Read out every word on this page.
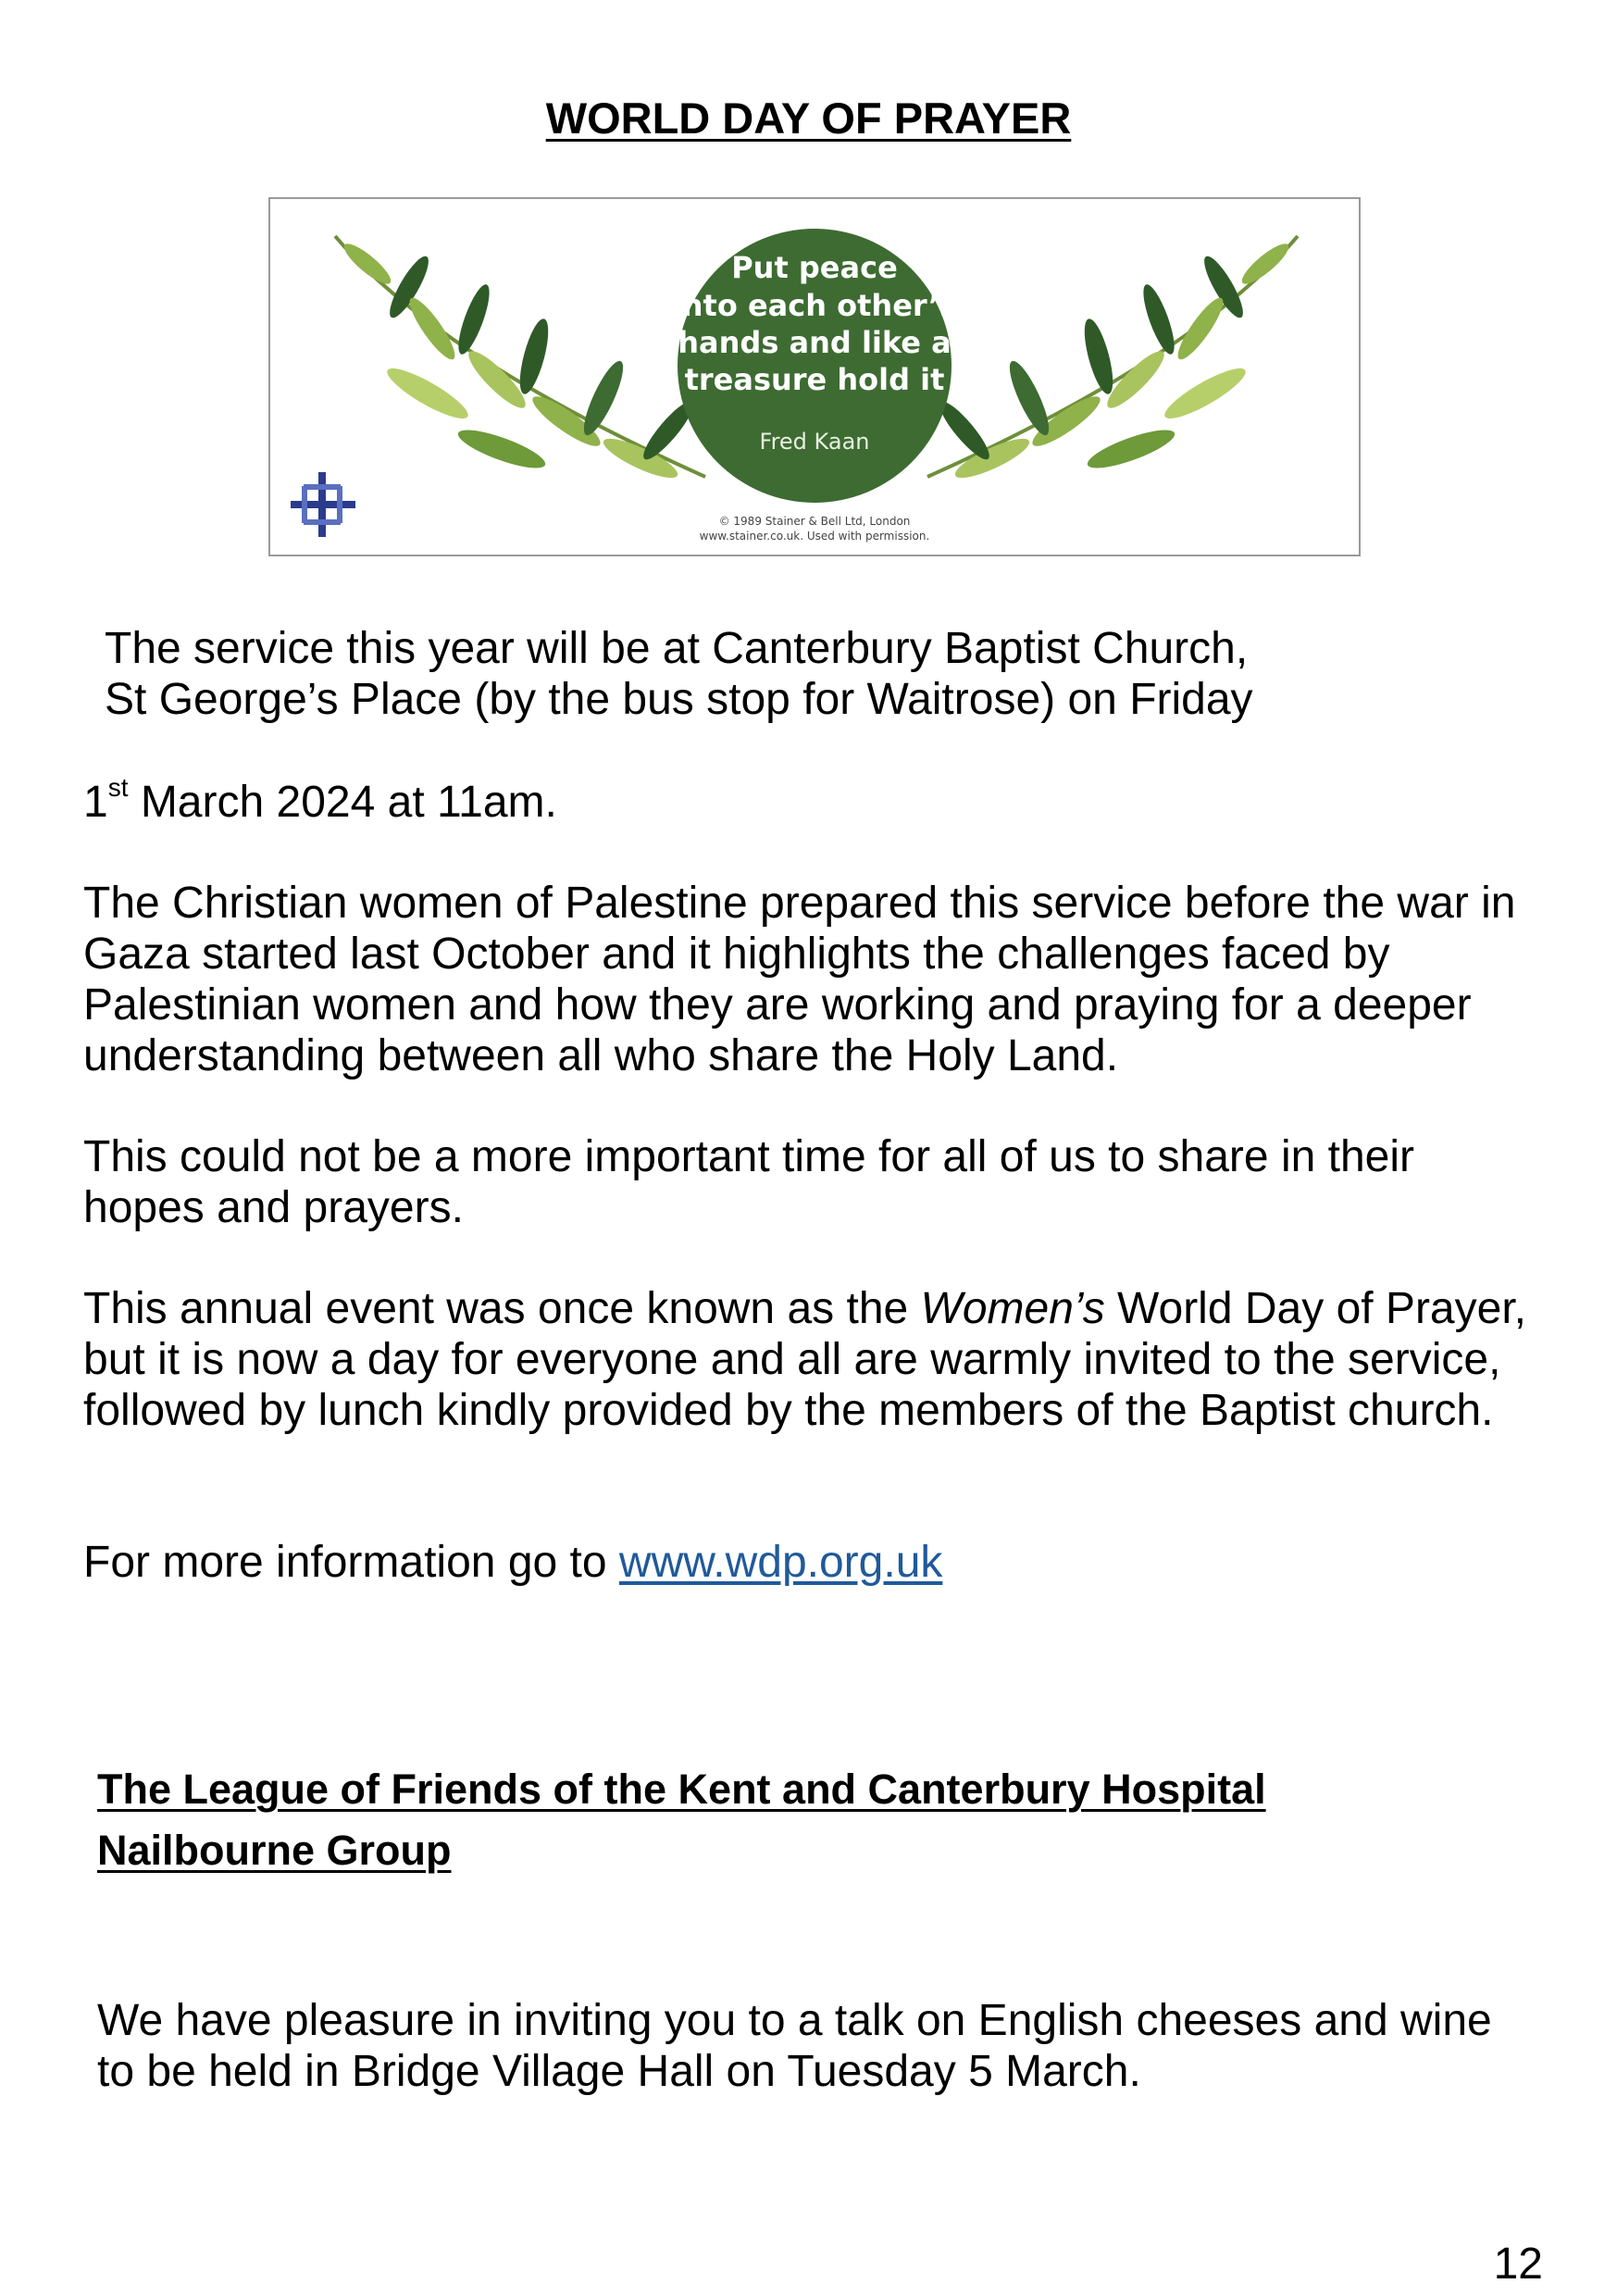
WORLD DAY OF PRAYER
Put peace
into each other’s
hands and like a
treasure hold it
Fred Kaan
© 1989 Stainer & Bell Ltd, London
www.stainer.co.uk. Used with permission.

The service this year will be at Canterbury Baptist Church,

St George’s Place (by the bus stop for Waitrose) on Friday

1st March 2024 at 11am.
The Christian women of Palestine prepared this service before the war in Gaza started last October and it highlights the challenges faced by Palestinian women and how they are working and praying for a deeper understanding between all who share the Holy Land.
This could not be a more important time for all of us to share in their hopes and prayers.
This annual event was once known as the Women’s World Day of Prayer, but it is now a day for everyone and all are warmly invited to the service, followed by lunch kindly provided by the members of the Baptist church.
For more information go to www.wdp.org.uk
The League of Friends of the Kent and Canterbury Hospital
Nailbourne Group
We have pleasure in inviting you to a talk on English cheeses and wine to be held in Bridge Village Hall on Tuesday 5 March.
12
